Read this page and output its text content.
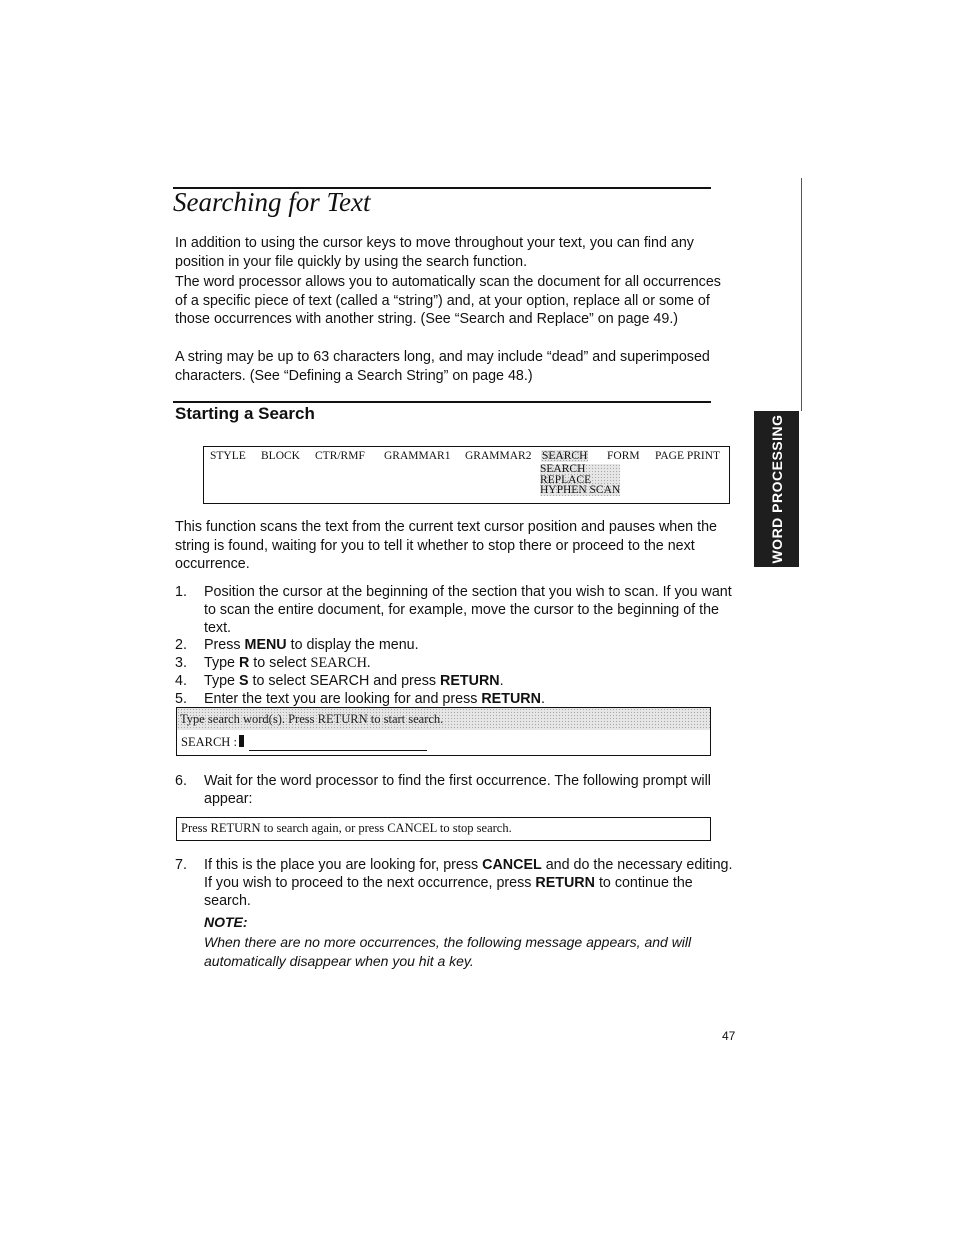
Searching for Text
In addition to using the cursor keys to move throughout your text, you can find any position in your file quickly by using the search function.
The word processor allows you to automatically scan the document for all occurrences of a specific piece of text (called a “string”) and, at your option, replace all or some of those occurrences with another string. (See “Search and Replace” on page 49.)
A string may be up to 63 characters long, and may include “dead” and superimposed characters. (See “Defining a Search String” on page 48.)
Starting a Search
STYLE BLOCK CTR/RMF GRAMMAR1 GRAMMAR2 SEARCH FORM PAGE PRINT
SEARCH
REPLACE
HYPHEN SCAN
This function scans the text from the current text cursor position and pauses when the string is found, waiting for you to tell it whether to stop there or proceed to the next occurrence.
1. Position the cursor at the beginning of the section that you wish to scan. If you want to scan the entire document, for example, move the cursor to the beginning of the text.
2. Press MENU to display the menu.
3. Type R to select SEARCH.
4. Type S to select SEARCH and press RETURN.
5. Enter the text you are looking for and press RETURN.
Type search word(s). Press RETURN to start search.
SEARCH :
6. Wait for the word processor to find the first occurrence. The following prompt will appear:
Press RETURN to search again, or press CANCEL to stop search.
7. If this is the place you are looking for, press CANCEL and do the necessary editing. If you wish to proceed to the next occurrence, press RETURN to continue the search.
NOTE:
When there are no more occurrences, the following message appears, and will automatically disappear when you hit a key.
WORD PROCESSING
47
